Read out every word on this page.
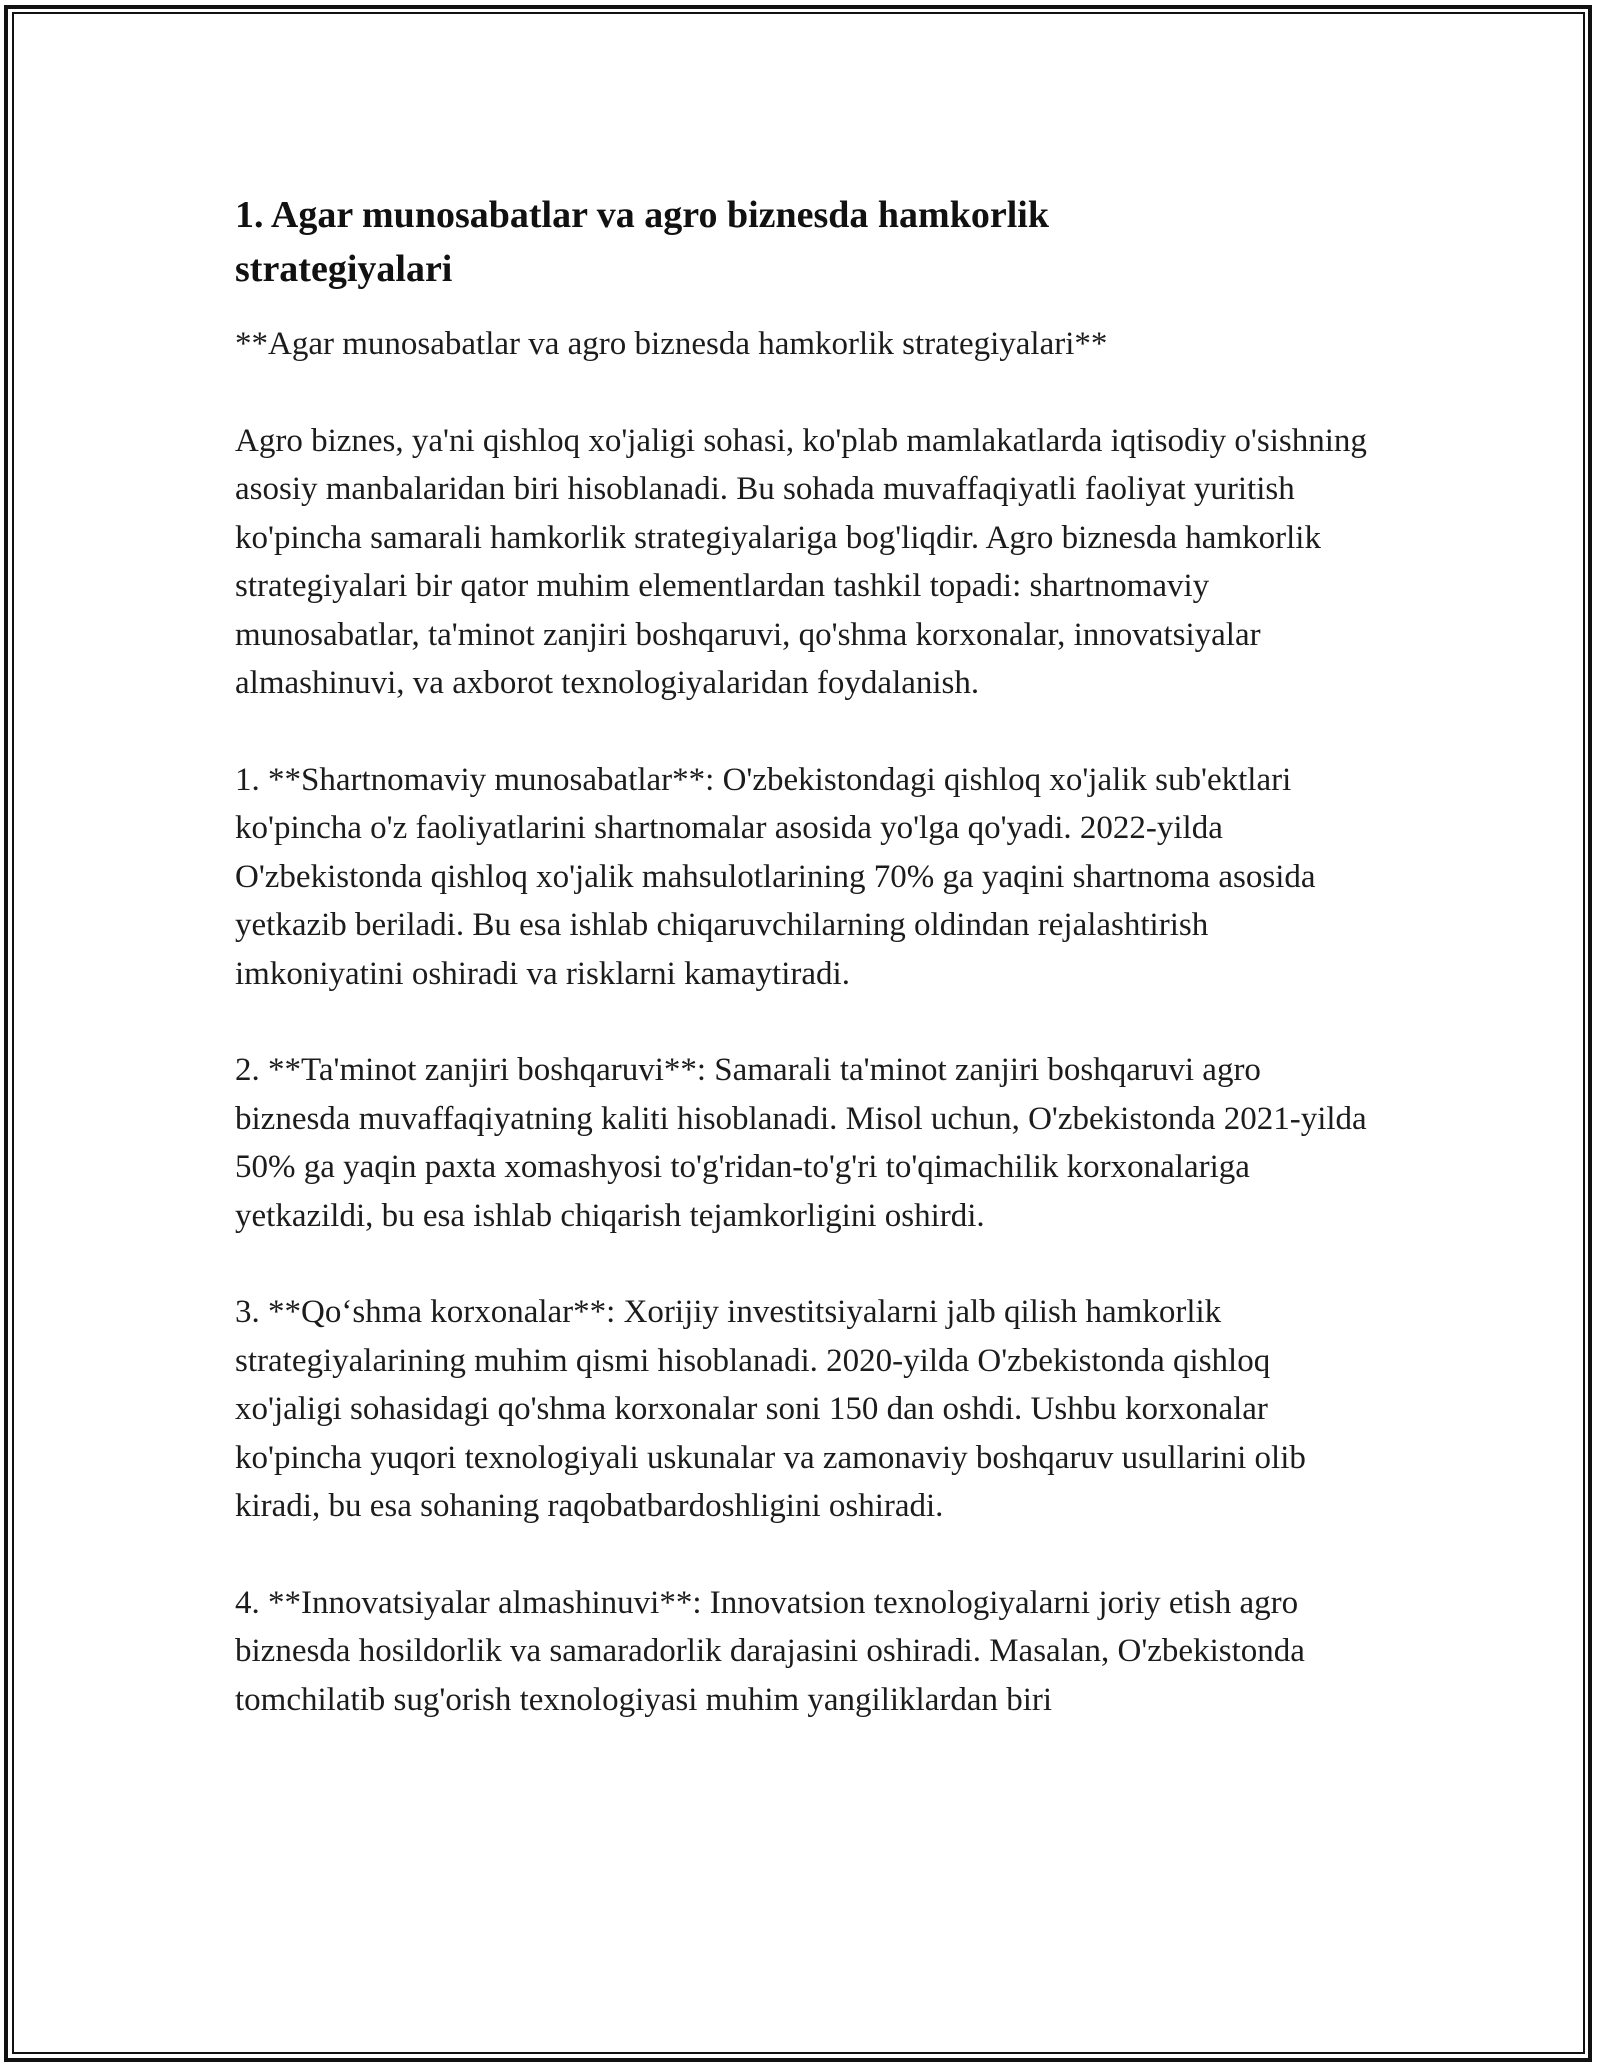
1. Agar munosabatlar va agro biznesda hamkorlik
strategiyalari

**Agar munosabatlar va agro biznesda hamkorlik strategiyalari**

Agro biznes, ya'ni qishloq xo'jaligi sohasi, ko'plab mamlakatlarda iqtisodiy o'sishning asosiy manbalaridan biri hisoblanadi. Bu sohada muvaffaqiyatli faoliyat yuritish ko'pincha samarali hamkorlik strategiyalariga bog'liqdir. Agro biznesda hamkorlik strategiyalari bir qator muhim elementlardan tashkil topadi: shartnomaviy munosabatlar, ta'minot zanjiri boshqaruvi, qo'shma korxonalar, innovatsiyalar almashinuvi, va axborot texnologiyalaridan foydalanish.

1. **Shartnomaviy munosabatlar**: O'zbekistondagi qishloq xo'jalik sub'ektlari ko'pincha o'z faoliyatlarini shartnomalar asosida yo'lga qo'yadi. 2022-yilda O'zbekistonda qishloq xo'jalik mahsulotlarining 70% ga yaqini shartnoma asosida yetkazib beriladi. Bu esa ishlab chiqaruvchilarning oldindan rejalashtirish imkoniyatini oshiradi va risklarni kamaytiradi.

2. **Ta'minot zanjiri boshqaruvi**: Samarali ta'minot zanjiri boshqaruvi agro biznesda muvaffaqiyatning kaliti hisoblanadi. Misol uchun, O'zbekistonda 2021-yilda 50% ga yaqin paxta xomashyosi to'g'ridan-to'g'ri to'qimachilik korxonalariga yetkazildi, bu esa ishlab chiqarish tejamkorligini oshirdi.

3. **Qo‘shma korxonalar**: Xorijiy investitsiyalarni jalb qilish hamkorlik strategiyalarining muhim qismi hisoblanadi. 2020-yilda O'zbekistonda qishloq xo'jaligi sohasidagi qo'shma korxonalar soni 150 dan oshdi. Ushbu korxonalar ko'pincha yuqori texnologiyali uskunalar va zamonaviy boshqaruv usullarini olib kiradi, bu esa sohaning raqobatbardoshligini oshiradi.

4. **Innovatsiyalar almashinuvi**: Innovatsion texnologiyalarni joriy etish agro biznesda hosildorlik va samaradorlik darajasini oshiradi. Masalan, O'zbekistonda tomchilatib sug'orish texnologiyasi muhim yangiliklardan biri
